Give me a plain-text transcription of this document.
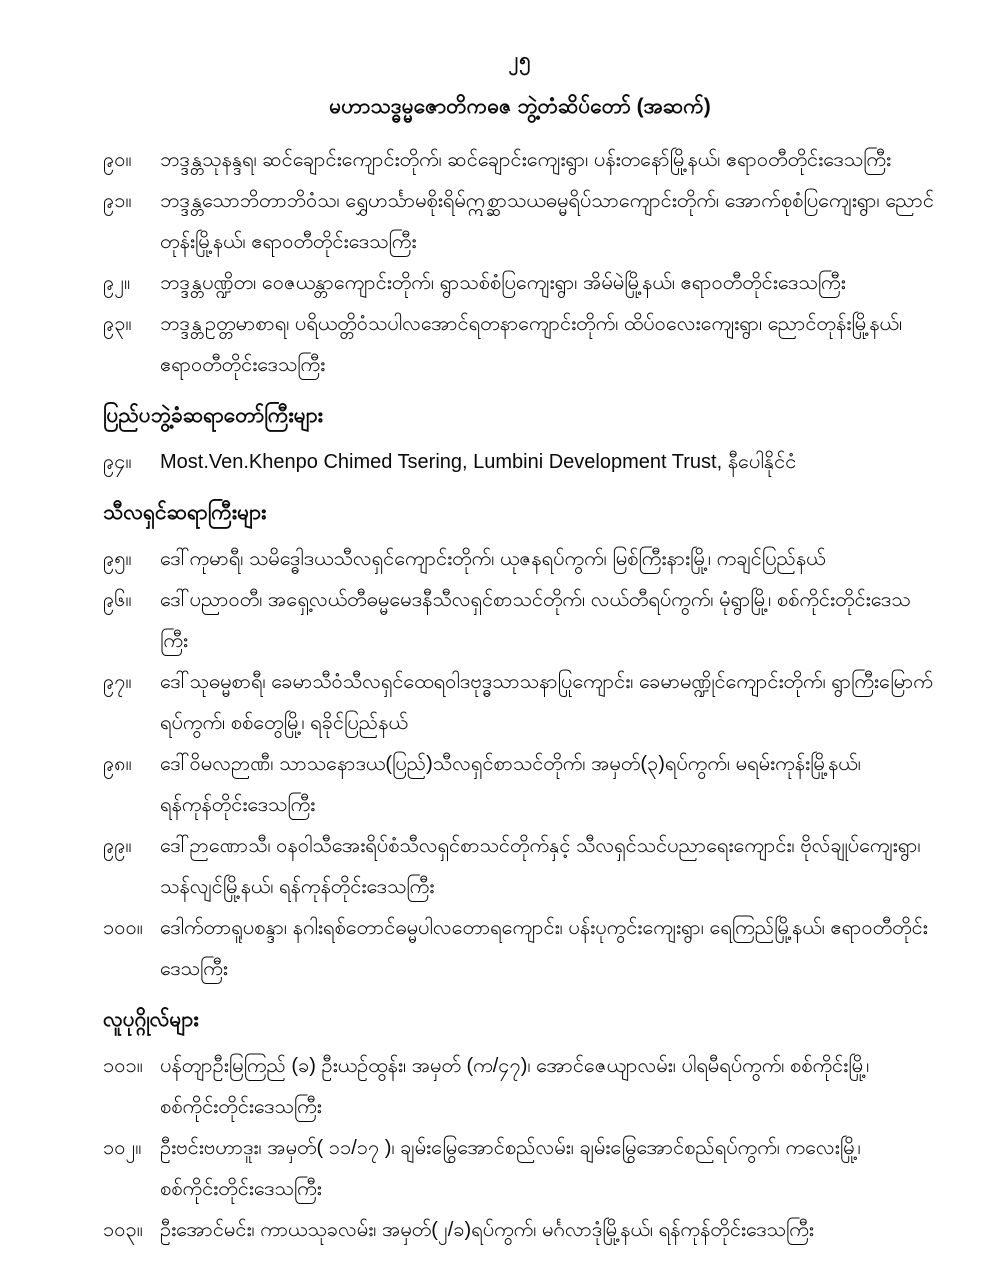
၂၅
မဟာသဒ္ဓမ္မဇောတိကဓဇ ဘွဲ့တံဆိပ်တော် (အဆက်)
၉၀။	ဘဒ္ဒန္တသုနန္ဒရ၊ ဆင်ချောင်းကျောင်းတိုက်၊ ဆင်ချောင်းကျေးရွာ၊ ပန်းတနော်မြို့နယ်၊ ဧရာဝတီတိုင်းဒေသကြီး
၉၁။	ဘဒ္ဒန္တသောဘိတာဘိဝံသ၊ ရွှေဟင်္သာမစိုးရိမ်ဣစ္ဆာသယဓမ္မရိပ်သာကျောင်းတိုက်၊ အောက်စုစံပြကျေးရွာ၊ ညောင်တုန်းမြို့နယ်၊ ဧရာဝတီတိုင်းဒေသကြီး
၉၂။	ဘဒ္ဒန္တပဏ္ဍိတ၊ ဝေဇယန္တာကျောင်းတိုက်၊ ရွာသစ်စံပြကျေးရွာ၊ အိမ်မဲမြို့နယ်၊ ဧရာဝတီတိုင်းဒေသကြီး
၉၃။	ဘဒ္ဒန္တဥတ္တမာစာရ၊ ပရိယတ္တိဝံသပါလအောင်ရတနာကျောင်းတိုက်၊ ထိပ်ဝလေးကျေးရွာ၊ ညောင်တုန်းမြို့နယ်၊ ဧရာဝတီတိုင်းဒေသကြီး
ပြည်ပဘွဲ့ခံဆရာတော်ကြီးများ
၉၄။	Most.Ven.Khenpo Chimed Tsering, Lumbini Development Trust, နီပေါနိုင်ငံ
သီလရှင်ဆရာကြီးများ
၉၅။	ဒေါ်ကုမာရီ၊ သမိဒ္ဓေါဒယသီလရှင်ကျောင်းတိုက်၊ ယုဇနရပ်ကွက်၊ မြစ်ကြီးနားမြို့၊ ကချင်ပြည်နယ်
၉၆။	ဒေါ်ပညာဝတီ၊ အရှေ့လယ်တီဓမ္မမေဒနီသီလရှင်စာသင်တိုက်၊ လယ်တီရပ်ကွက်၊ မုံရွာမြို့၊ စစ်ကိုင်းတိုင်းဒေသကြီး
၉၇။	ဒေါ်သုဓမ္မစာရီ၊ ခေမာသီဝံသီလရှင်ထေရဝါဒဗုဒ္ဓသာသနာပြုကျောင်း၊ ခေမာမဏ္ဍိုင်ကျောင်းတိုက်၊ ရွာကြီးမြောက်ရပ်ကွက်၊ စစ်တွေမြို့၊ ရခိုင်ပြည်နယ်
၉၈။	ဒေါ်ဝိမလဉာဏီ၊ သာသနောဒယ(ပြည်)သီလရှင်စာသင်တိုက်၊ အမှတ်(၃)ရပ်ကွက်၊ မရမ်းကုန်းမြို့နယ်၊ ရန်ကုန်တိုင်းဒေသကြီး
၉၉။	ဒေါ်ဉာဏောသီ၊ ဝနဝါသီအေးရိပ်စံသီလရှင်စာသင်တိုက်နှင့် သီလရှင်သင်ပညာရေးကျောင်း၊ ဗိုလ်ချုပ်ကျေးရွာ၊ သန်လျင်မြို့နယ်၊ ရန်ကုန်တိုင်းဒေသကြီး
၁၀၀။ ဒေါက်တာရူပစန္ဒာ၊ နဂါးရစ်တောင်ဓမ္မပါလတောရကျောင်း၊ ပန်းပုကွင်းကျေးရွာ၊ ရေကြည်မြို့နယ်၊ ဧရာဝတီတိုင်းဒေသကြီး
လူပုဂ္ဂိုလ်များ
၁၀၁။ ပန်တျာဦးမြကြည် (ခ) ဦးယဉ်ထွန်း၊ အမှတ် (က/၄၇)၊ အောင်ဇေယျာလမ်း၊ ပါရမီရပ်ကွက်၊ စစ်ကိုင်းမြို့၊ စစ်ကိုင်းတိုင်းဒေသကြီး
၁၀၂။ ဦးဗင်းဗဟာဒူး၊ အမှတ်( ၁၁/၁၇ )၊ ချမ်းမြွေအောင်စည်လမ်း၊ ချမ်းမြွေအောင်စည်ရပ်ကွက်၊ ကလေးမြို့၊ စစ်ကိုင်းတိုင်းဒေသကြီး
၁၀၃။ ဦးအောင်မင်း၊ ကာယသုခလမ်း၊ အမှတ်(၂/ခ)ရပ်ကွက်၊ မင်္ဂလာဒုံမြို့နယ်၊ ရန်ကုန်တိုင်းဒေသကြီး
